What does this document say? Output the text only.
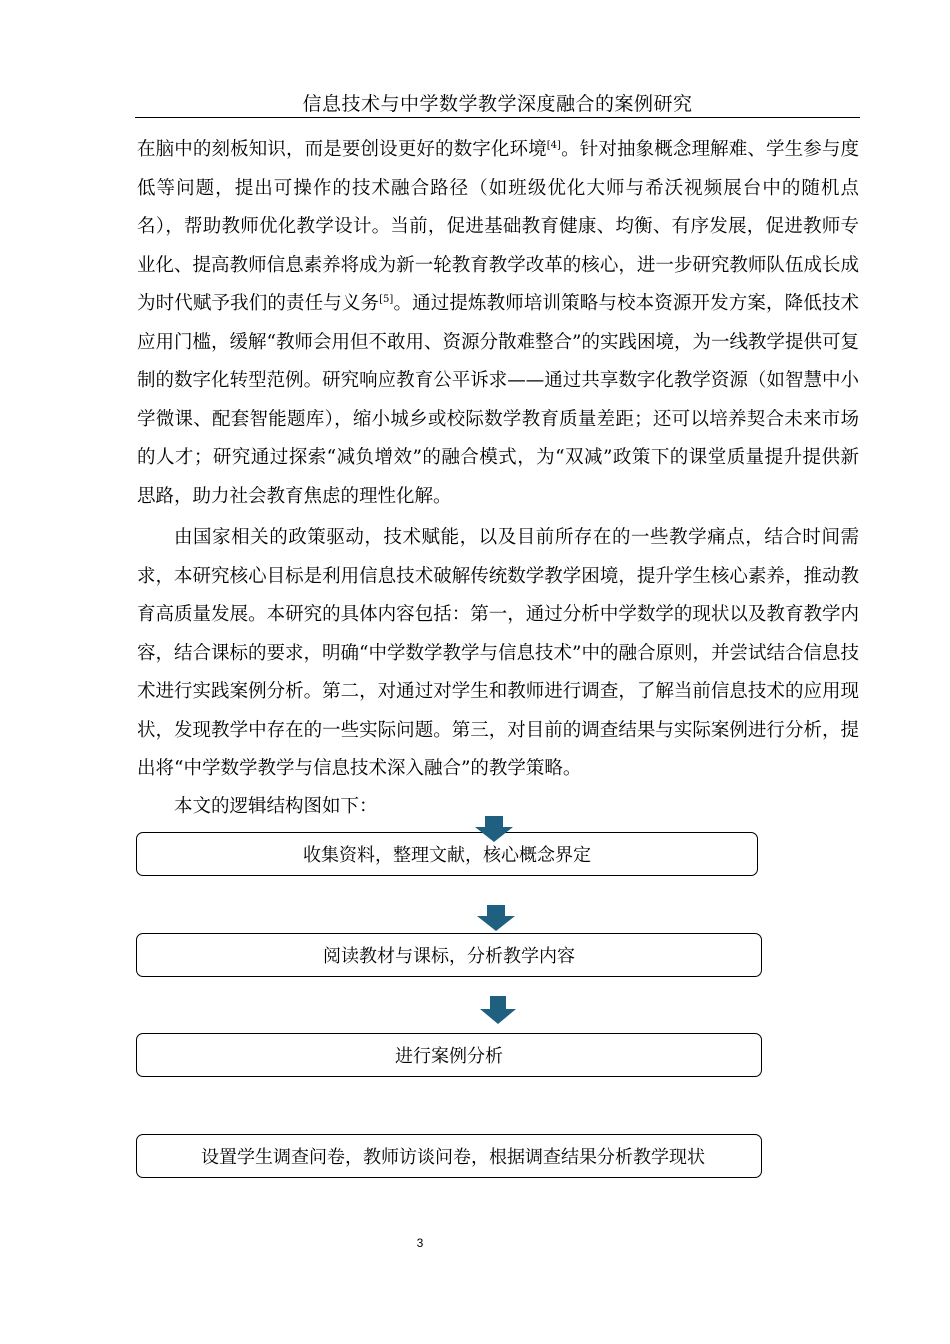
信息技术与中学数学教学深度融合的案例研究

在脑中的刻板知识，而是要创设更好的数字化环境[4]。针对抽象概念理解难、学生参与度低等问题，提出可操作的技术融合路径（如班级优化大师与希沃视频展台中的随机点名），帮助教师优化教学设计。当前，促进基础教育健康、均衡、有序发展，促进教师专业化、提高教师信息素养将成为新一轮教育教学改革的核心，进一步研究教师队伍成长成为时代赋予我们的责任与义务[5]。通过提炼教师培训策略与校本资源开发方案，降低技术应用门槛，缓解“教师会用但不敢用、资源分散难整合”的实践困境，为一线教学提供可复制的数字化转型范例。研究响应教育公平诉求——通过共享数字化教学资源（如智慧中小学微课、配套智能题库），缩小城乡或校际数学教育质量差距；还可以培养契合未来市场的人才；研究通过探索“减负增效”的融合模式，为“双减”政策下的课堂质量提升提供新思路，助力社会教育焦虑的理性化解。

由国家相关的政策驱动，技术赋能，以及目前所存在的一些教学痛点，结合时间需求，本研究核心目标是利用信息技术破解传统数学教学困境，提升学生核心素养，推动教育高质量发展。本研究的具体内容包括：第一，通过分析中学数学的现状以及教育教学内容，结合课标的要求，明确“中学数学教学与信息技术”中的融合原则，并尝试结合信息技术进行实践案例分析。第二，对通过对学生和教师进行调查，了解当前信息技术的应用现状，发现教学中存在的一些实际问题。第三，对目前的调查结果与实际案例进行分析，提出将“中学数学教学与信息技术深入融合”的教学策略。

本文的逻辑结构图如下：

收集资料，整理文献，核心概念界定
阅读教材与课标，分析教学内容
进行案例分析
设置学生调查问卷，教师访谈问卷，根据调查结果分析教学现状
3
